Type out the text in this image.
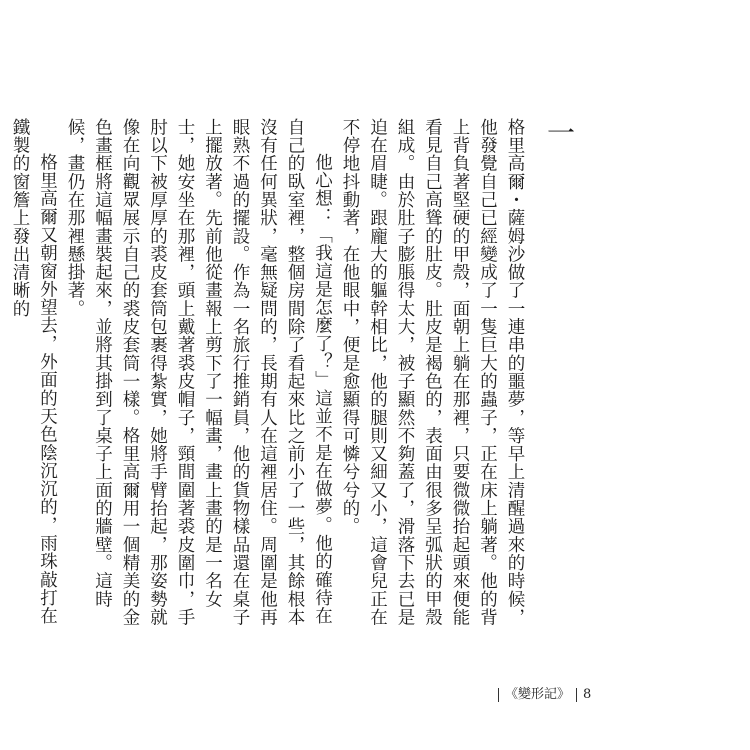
一

格里高爾・薩姆沙做了一連串的噩夢，等早上清醒過來的時候，他發覺自己已經變成了一隻巨大的蟲子，正在床上躺著。他的背上背負著堅硬的甲殼，面朝上躺在那裡，只要微微抬起頭來便能看見自己高聳的肚皮。肚皮是褐色的，表面由很多呈弧狀的甲殼組成。由於肚子膨脹得太大，被子顯然不夠蓋了，滑落下去已是迫在眉睫。跟龐大的軀幹相比，他的腿則又細又小，這會兒正在不停地抖動著，在他眼中，便是愈顯得可憐兮兮的。

他心想：「我這是怎麼了？」這並不是在做夢。他的確待在自己的臥室裡，整個房間除了看起來比之前小了一些，其餘根本沒有任何異狀，毫無疑問的，長期有人在這裡居住。周圍是他再眼熟不過的擺設。作為一名旅行推銷員，他的貨物樣品還在桌子上擺放著。先前他從畫報上剪下了一幅畫，畫上畫的是一名女士，她安坐在那裡，頭上戴著裘皮帽子，頸間圍著裘皮圍巾，手肘以下被厚厚的裘皮套筒包裹得紮實，她將手臂抬起，那姿勢就像在向觀眾展示自己的裘皮套筒一樣。格里高爾用一個精美的金色畫框將這幅畫裝起來，並將其掛到了桌子上面的牆壁。這時候，畫仍在那裡懸掛著。

格里高爾又朝窗外望去，外面的天色陰沉沉的，雨珠敲打在鐵製的窗簷上發出清晰的

《變形記》 8
